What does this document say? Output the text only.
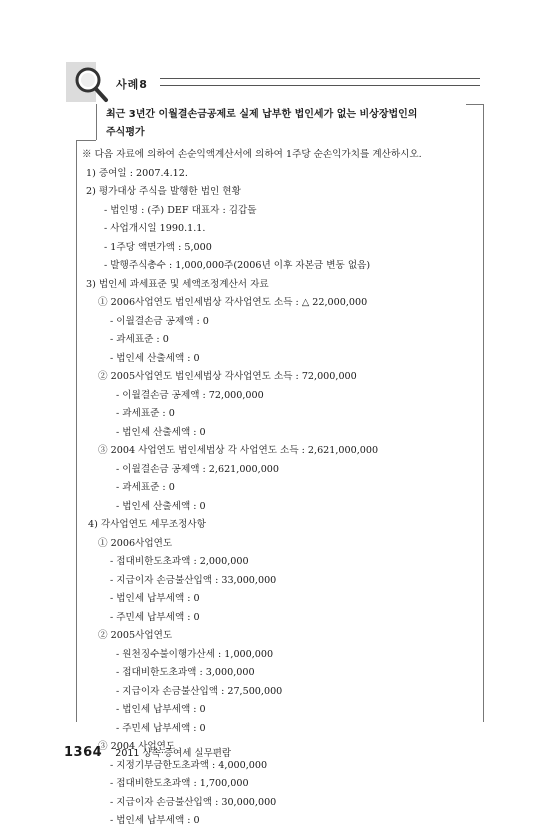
사례8
최근 3년간 이월결손금공제로 실제 납부한 법인세가 없는 비상장법인의
주식평가
※ 다음 자료에 의하여 손순익액계산서에 의하여 1주당 순손익가치를 계산하시오.
1) 증여일 : 2007.4.12.
2) 평가대상 주식을 발행한 법인 현황
- 법인명 : (주) DEF 대표자 : 김갑돌
- 사업개시일 1990.1.1.
- 1주당 액면가액 : 5,000
- 발행주식총수 : 1,000,000주(2006년 이후 자본금 변동 없음)
3) 법인세 과세표준 및 세액조정계산서 자료
① 2006사업연도 법인세법상 각사업연도 소득 : △ 22,000,000
- 이월결손금 공제액 : 0
- 과세표준 : 0
- 법인세 산출세액 : 0
② 2005사업연도 법인세법상 각사업연도 소득 : 72,000,000
- 이월결손금 공제액 : 72,000,000
- 과세표준 : 0
- 법인세 산출세액 : 0
③ 2004 사업연도 법인세법상 각 사업연도 소득 : 2,621,000,000
- 이월결손금 공제액 : 2,621,000,000
- 과세표준 : 0
- 법인세 산출세액 : 0
4) 각사업연도 세무조정사항
① 2006사업연도
- 접대비한도초과액 : 2,000,000
- 지급이자 손금불산입액 : 33,000,000
- 법인세 납부세액 : 0
- 주민세 납부세액 : 0
② 2005사업연도
- 원천징수불이행가산세 : 1,000,000
- 접대비한도초과액 : 3,000,000
- 지급이자 손금불산입액 : 27,500,000
- 법인세 납부세액 : 0
- 주민세 납부세액 : 0
③ 2004 사업연도
- 지정기부금한도초과액 : 4,000,000
- 접대비한도초과액 : 1,700,000
- 지급이자 손금불산입액 : 30,000,000
- 법인세 납부세액 : 0
1364 2011 상속·증여세 실무편람
